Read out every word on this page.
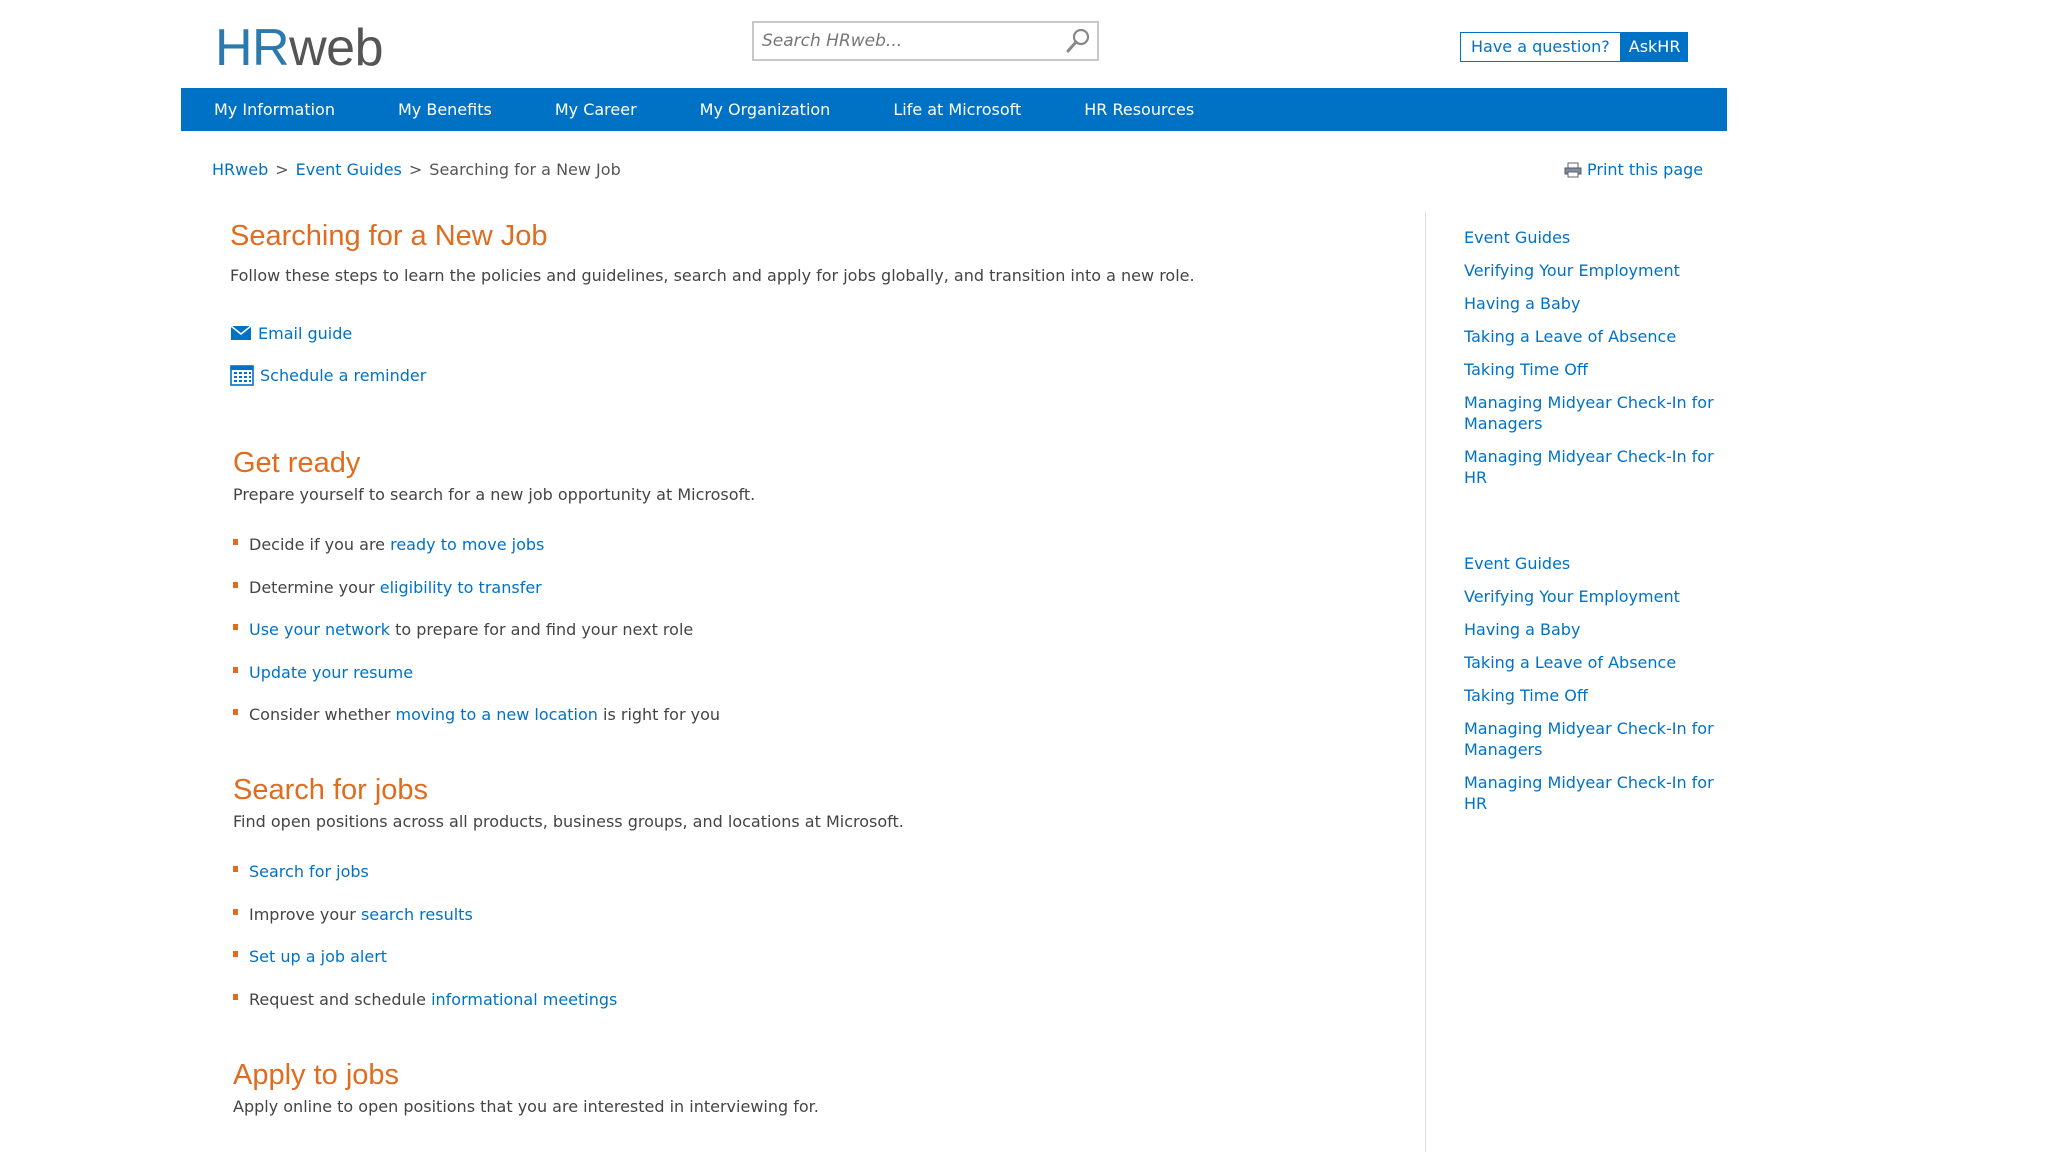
HRweb
Search HRweb...	Have a question?	AskHR
My Information	My Benefits	My Career	My Organization	Life at Microsoft	HR Resources
HRweb > Event Guides > Searching for a New Job	Print this page
Searching for a New Job
Follow these steps to learn the policies and guidelines, search and apply for jobs globally, and transition into a new role.
Email guide
Schedule a reminder
Get ready
Prepare yourself to search for a new job opportunity at Microsoft.
Decide if you are ready to move jobs
Determine your eligibility to transfer
Use your network to prepare for and find your next role
Update your resume
Consider whether moving to a new location is right for you
Search for jobs
Find open positions across all products, business groups, and locations at Microsoft.
Search for jobs
Improve your search results
Set up a job alert
Request and schedule informational meetings
Apply to jobs
Apply online to open positions that you are interested in interviewing for.
Event Guides
Verifying Your Employment
Having a Baby
Taking a Leave of Absence
Taking Time Off
Managing Midyear Check-In for Managers
Managing Midyear Check-In for HR
Event Guides
Verifying Your Employment
Having a Baby
Taking a Leave of Absence
Taking Time Off
Managing Midyear Check-In for Managers
Managing Midyear Check-In for HR
